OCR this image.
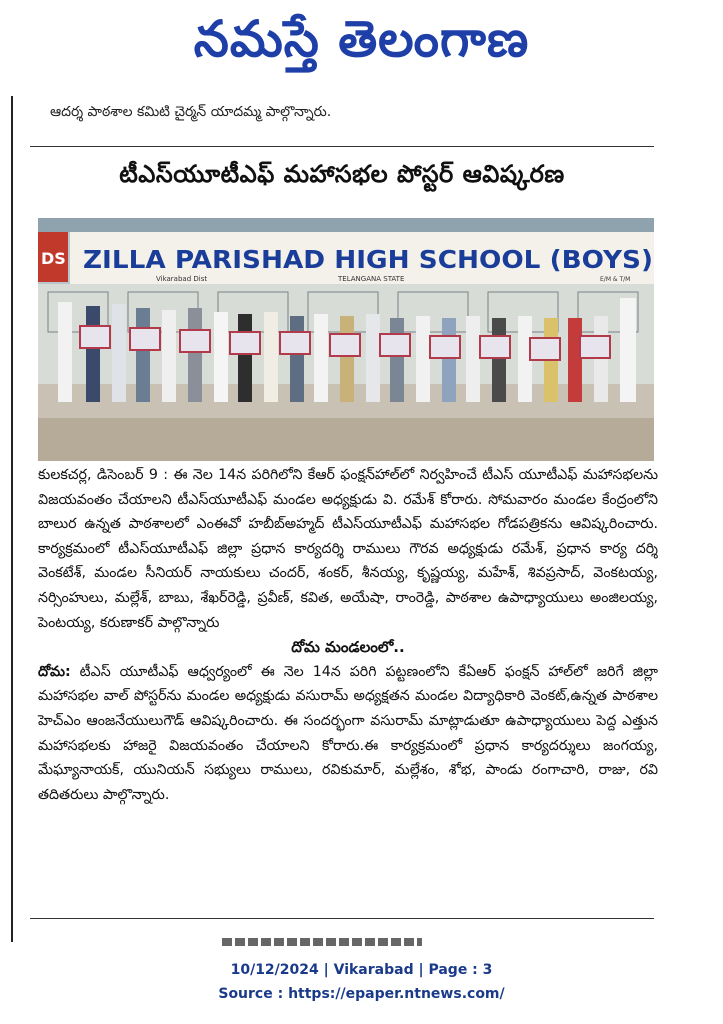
నమస్తే తెలంగాణ
ఆదర్శ పాఠశాల కమిటి చైర్మన్ యాదమ్మ పాల్గొన్నారు.
టీఎస్‌యూటీఎఫ్ మహాసభల పోస్టర్ ఆవిష్కరణ
DS ZILLA PARISHAD HIGH SCHOOL (BOYS)
Vikarabad Dist	TELANGANA STATE	E/M & T/M

కులకచర్ల, డిసెంబర్ 9 : ఈ నెల 14న పరిగిలోని కేఆర్ ఫంక్షన్‌హాల్‌లో నిర్వహించే టీఎస్ యూటీఎఫ్ మహాసభలను విజయవంతం చేయాలని టీఎస్‌యూటీఎఫ్ మండల అధ్యక్షుడు వి. రమేశ్ కోరారు. సోమవారం మండల కేంద్రంలోని బాలుర ఉన్నత పాఠశాలలో ఎంఈవో హబీబ్‌అహ్మద్ టీఎస్‌యూటీఎఫ్ మహాసభల గోడపత్రికను ఆవిష్కరించారు. కార్యక్రమంలో టీఎస్‌యూటీఎఫ్ జిల్లా ప్రధాన కార్యదర్శి రాములు గౌరవ అధ్యక్షుడు రమేశ్, ప్రధాన కార్య దర్శి వెంకటేశ్, మండల సీనియర్ నాయకులు చందర్, శంకర్, శీనయ్య, కృష్ణయ్య, మహేశ్, శివప్రసాద్, వెంకటయ్య, నర్సింహులు, మల్లేశ్, బాబు, శేఖర్‌రెడ్డి, ప్రవీణ్, కవిత, అయేషా, రాంరెడ్డి, పాఠశాల ఉపాధ్యాయులు అంజిలయ్య, పెంటయ్య, కరుణాకర్ పాల్గొన్నారు

దోమ మండలంలో..

దోమ: టీఎస్ యూటీఎఫ్ ఆధ్వర్యంలో ఈ నెల 14న పరిగి పట్టణంలోని కేఏఆర్ ఫంక్షన్ హాల్‌లో జరిగే జిల్లా మహాసభల వాల్ పోస్టర్‌ను మండల అధ్యక్షుడు వసురామ్ అధ్యక్షతన మండల విద్యాధికారి వెంకట్,ఉన్నత పాఠశాల హెచ్‌ఎం ఆంజనేయులుగౌడ్ ఆవిష్కరించారు. ఈ సందర్భంగా వసురామ్ మాట్లాడుతూ ఉపాధ్యాయులు పెద్ద ఎత్తున మహాసభలకు హాజరై విజయవంతం చేయాలని కోరారు.ఈ కార్యక్రమంలో ప్రధాన కార్యదర్శులు జంగయ్య, మేఘ్యానాయక్, యునియన్ సభ్యులు రాములు, రవికుమార్, మల్లేశం, శోభ, పాండు రంగాచారి, రాజు, రవి తదితరులు పాల్గొన్నారు.

10/12/2024 | Vikarabad | Page : 3
Source : https://epaper.ntnews.com/
